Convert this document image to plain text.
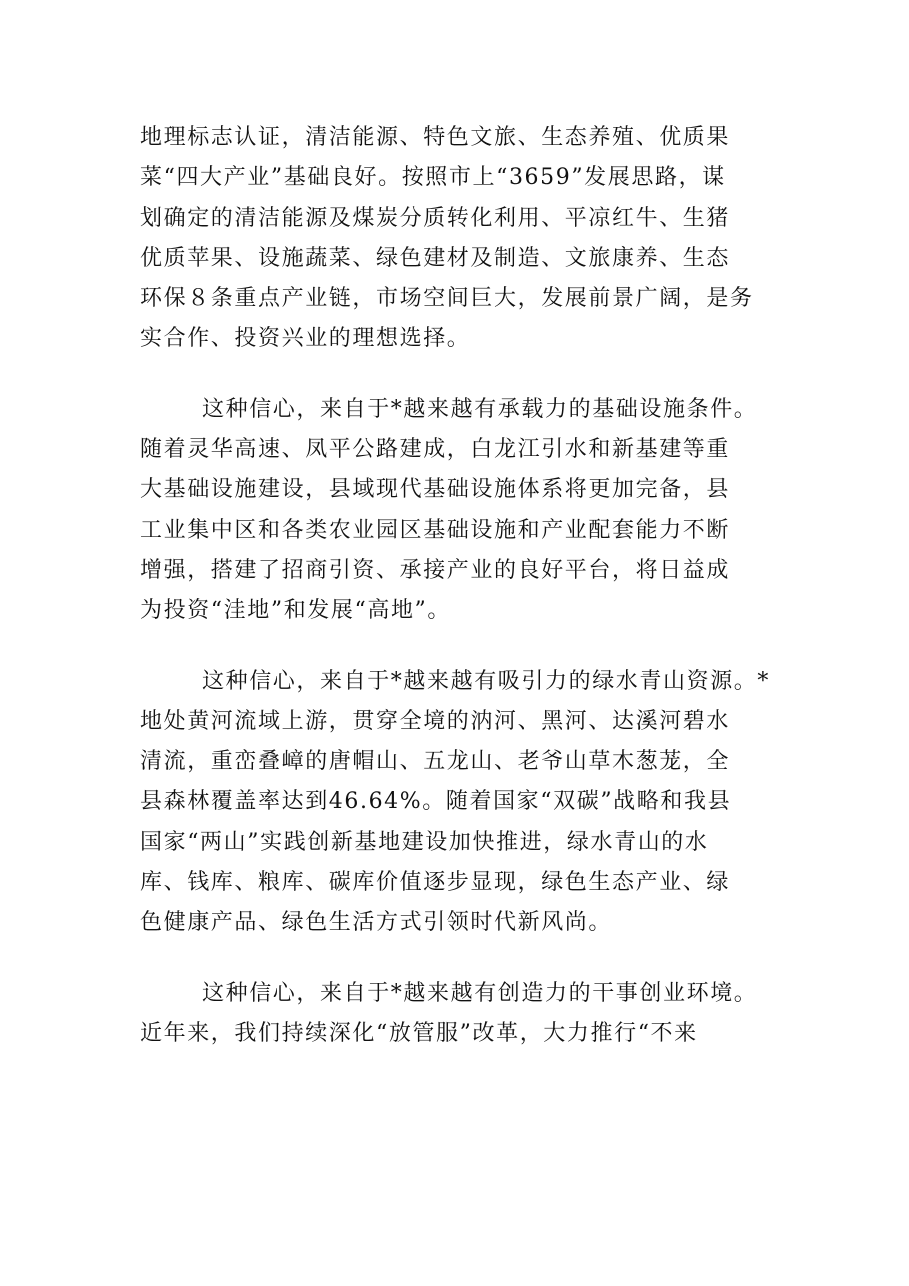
地理标志认证，清洁能源、特色文旅、生态养殖、优质果
菜“四大产业”基础良好。按照市上“3659”发展思路，谋
划确定的清洁能源及煤炭分质转化利用、平凉红牛、生猪
优质苹果、设施蔬菜、绿色建材及制造、文旅康养、生态
环保８条重点产业链，市场空间巨大，发展前景广阔，是务
实合作、投资兴业的理想选择。
这种信心，来自于*越来越有承载力的基础设施条件。
随着灵华高速、凤平公路建成，白龙江引水和新基建等重
大基础设施建设，县域现代基础设施体系将更加完备，县
工业集中区和各类农业园区基础设施和产业配套能力不断
增强，搭建了招商引资、承接产业的良好平台，将日益成
为投资“洼地”和发展“高地”。
这种信心，来自于*越来越有吸引力的绿水青山资源。*
地处黄河流域上游，贯穿全境的汭河、黑河、达溪河碧水
清流，重峦叠嶂的唐帽山、五龙山、老爷山草木葱茏，全
县森林覆盖率达到46.64%。随着国家“双碳”战略和我县
国家“两山”实践创新基地建设加快推进，绿水青山的水
库、钱库、粮库、碳库价值逐步显现，绿色生态产业、绿
色健康产品、绿色生活方式引领时代新风尚。
这种信心，来自于*越来越有创造力的干事创业环境。
近年来，我们持续深化“放管服”改革，大力推行“不来
